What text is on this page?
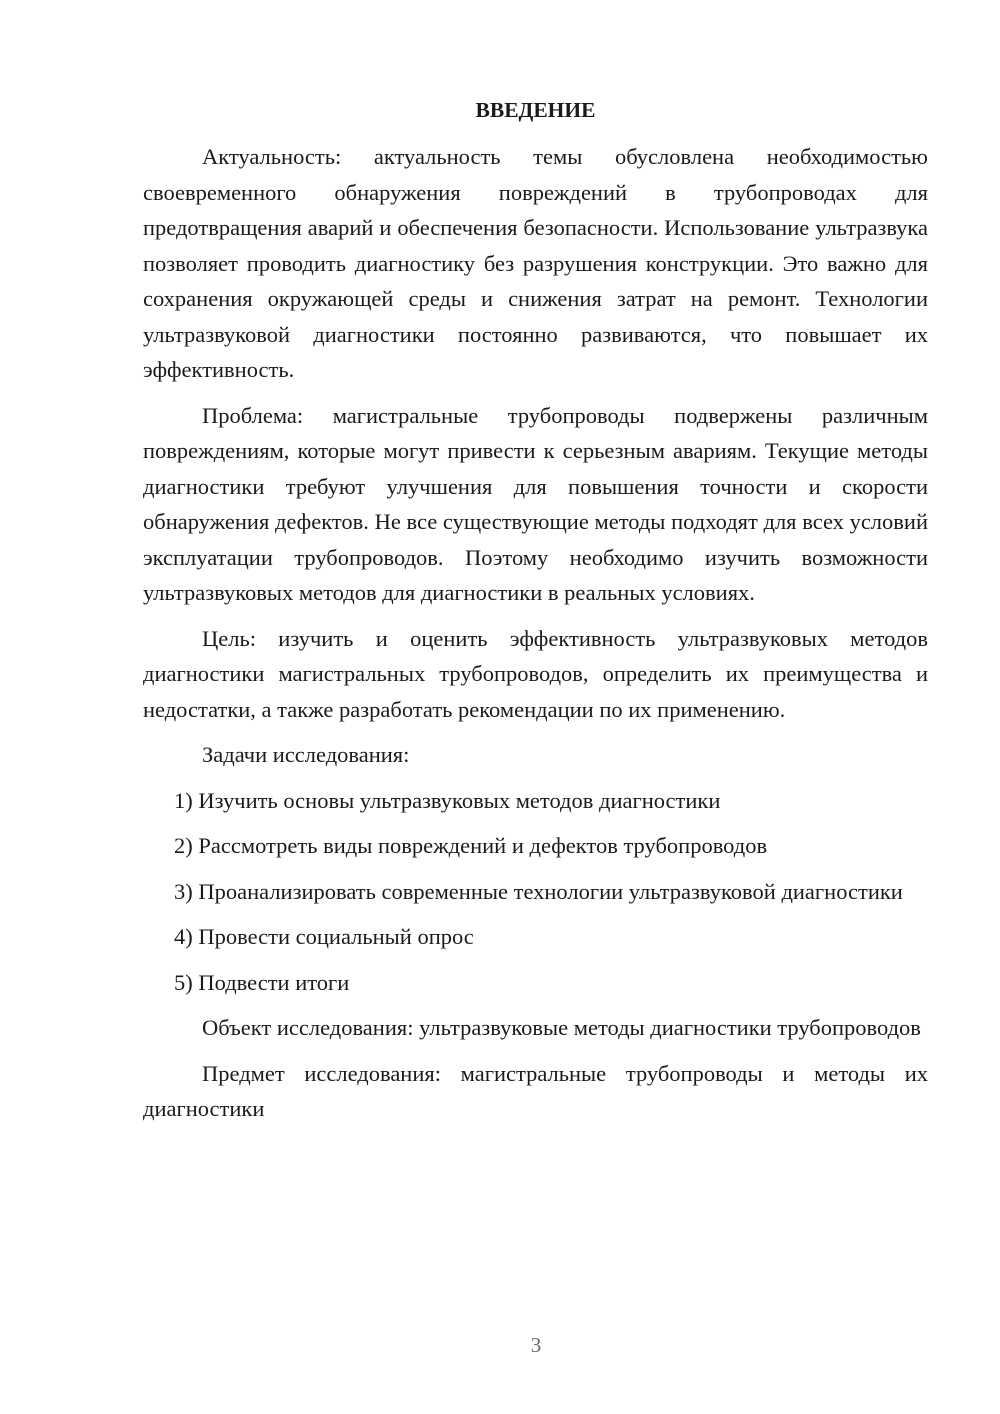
ВВЕДЕНИЕ

Актуальность: актуальность темы обусловлена необходимостью своевременного обнаружения повреждений в трубопроводах для предотвращения аварий и обеспечения безопасности. Использование ультразвука позволяет проводить диагностику без разрушения конструкции. Это важно для сохранения окружающей среды и снижения затрат на ремонт. Технологии ультразвуковой диагностики постоянно развиваются, что повышает их эффективность.

Проблема: магистральные трубопроводы подвержены различным повреждениям, которые могут привести к серьезным авариям. Текущие методы диагностики требуют улучшения для повышения точности и скорости обнаружения дефектов. Не все существующие методы подходят для всех условий эксплуатации трубопроводов. Поэтому необходимо изучить возможности ультразвуковых методов для диагностики в реальных условиях.

Цель: изучить и оценить эффективность ультразвуковых методов диагностики магистральных трубопроводов, определить их преимущества и недостатки, а также разработать рекомендации по их применению.

Задачи исследования:

1) Изучить основы ультразвуковых методов диагностики

2) Рассмотреть виды повреждений и дефектов трубопроводов

3) Проанализировать современные технологии ультразвуковой диагностики

4) Провести социальный опрос

5) Подвести итоги

Объект исследования: ультразвуковые методы диагностики трубопроводов

Предмет исследования: магистральные трубопроводы и методы их диагностики

3
